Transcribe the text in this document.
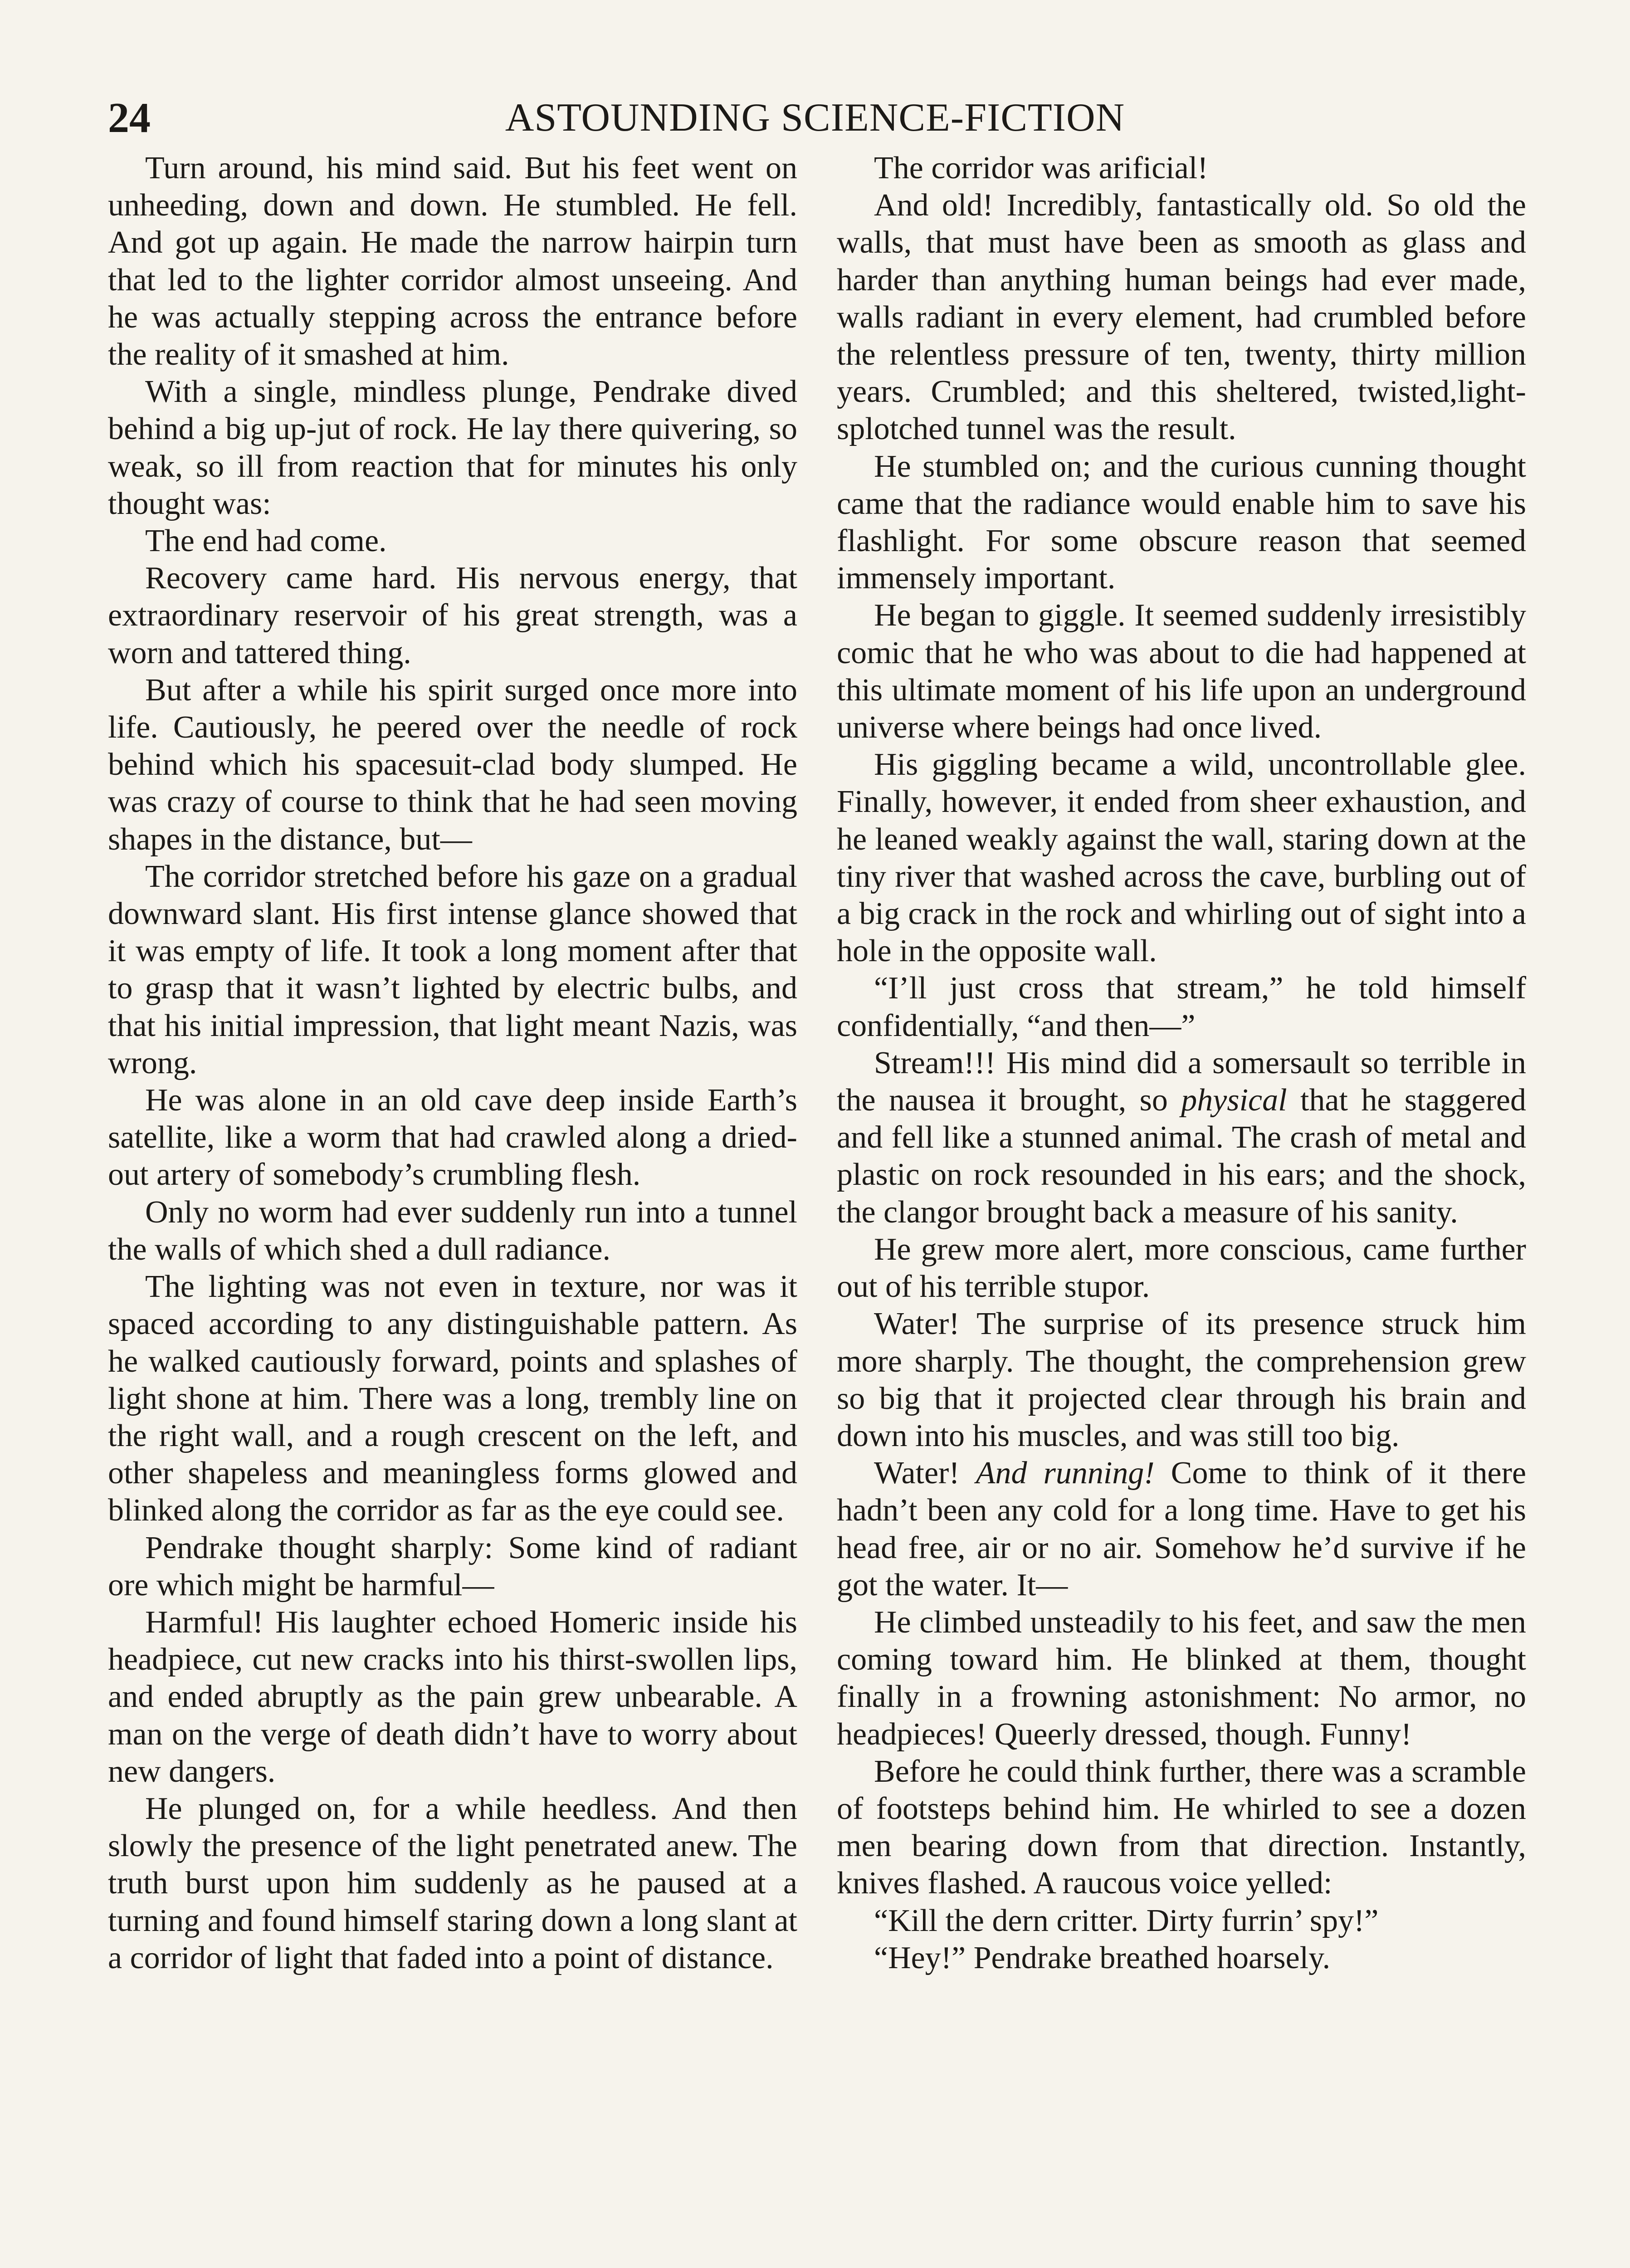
24	ASTOUNDING SCIENCE-FICTION

Turn around, his mind said. But his feet went on unheeding, down and down. He stumbled. He fell. And got up again. He made the narrow hairpin turn that led to the lighter corridor almost unseeing. And he was actually stepping across the entrance before the reality of it smashed at him.

With a single, mindless plunge, Pendrake dived behind a big up-jut of rock. He lay there quivering, so weak, so ill from reaction that for minutes his only thought was:

The end had come.

Recovery came hard. His nervous energy, that extraordinary reservoir of his great strength, was a worn and tattered thing.

But after a while his spirit surged once more into life. Cautiously, he peered over the needle of rock behind which his spacesuit-clad body slumped. He was crazy of course to think that he had seen moving shapes in the distance, but—

The corridor stretched before his gaze on a gradual downward slant. His first intense glance showed that it was empty of life. It took a long moment after that to grasp that it wasn’t lighted by electric bulbs, and that his initial impression, that light meant Nazis, was wrong.

He was alone in an old cave deep inside Earth’s satellite, like a worm that had crawled along a dried-out artery of somebody’s crumbling flesh.

Only no worm had ever suddenly run into a tunnel the walls of which shed a dull radiance.

The lighting was not even in texture, nor was it spaced according to any distinguishable pattern. As he walked cautiously forward, points and splashes of light shone at him. There was a long, trembly line on the right wall, and a rough crescent on the left, and other shapeless and meaningless forms glowed and blinked along the corridor as far as the eye could see.

Pendrake thought sharply: Some kind of radiant ore which might be harmful—

Harmful! His laughter echoed Homeric inside his headpiece, cut new cracks into his thirst-swollen lips, and ended abruptly as the pain grew unbearable. A man on the verge of death didn’t have to worry about new dangers.

He plunged on, for a while heedless. And then slowly the presence of the light penetrated anew. The truth burst upon him suddenly as he paused at a turning and found himself staring down a long slant at a corridor of light that faded into a point of distance.

The corridor was arificial!

And old! Incredibly, fantastically old. So old the walls, that must have been as smooth as glass and harder than anything human beings had ever made, walls radiant in every element, had crumbled before the relentless pressure of ten, twenty, thirty million years. Crumbled; and this sheltered, twisted,light-splotched tunnel was the result.

He stumbled on; and the curious cunning thought came that the radiance would enable him to save his flashlight. For some obscure reason that seemed immensely important.

He began to giggle. It seemed suddenly irresistibly comic that he who was about to die had happened at this ultimate moment of his life upon an underground universe where beings had once lived.

His giggling became a wild, uncontrollable glee. Finally, however, it ended from sheer exhaustion, and he leaned weakly against the wall, staring down at the tiny river that washed across the cave, burbling out of a big crack in the rock and whirling out of sight into a hole in the opposite wall.

“I’ll just cross that stream,” he told himself confidentially, “and then—”

Stream!!! His mind did a somersault so terrible in the nausea it brought, so physical that he staggered and fell like a stunned animal. The crash of metal and plastic on rock resounded in his ears; and the shock, the clangor brought back a measure of his sanity.

He grew more alert, more conscious, came further out of his terrible stupor.

Water! The surprise of its presence struck him more sharply. The thought, the comprehension grew so big that it projected clear through his brain and down into his muscles, and was still too big.

Water! And running! Come to think of it there hadn’t been any cold for a long time. Have to get his head free, air or no air. Somehow he’d survive if he got the water. It—

He climbed unsteadily to his feet, and saw the men coming toward him. He blinked at them, thought finally in a frowning astonishment: No armor, no headpieces! Queerly dressed, though. Funny!

Before he could think further, there was a scramble of footsteps behind him. He whirled to see a dozen men bearing down from that direction. Instantly, knives flashed. A raucous voice yelled:

“Kill the dern critter. Dirty furrin’ spy!”

“Hey!” Pendrake breathed hoarsely.
